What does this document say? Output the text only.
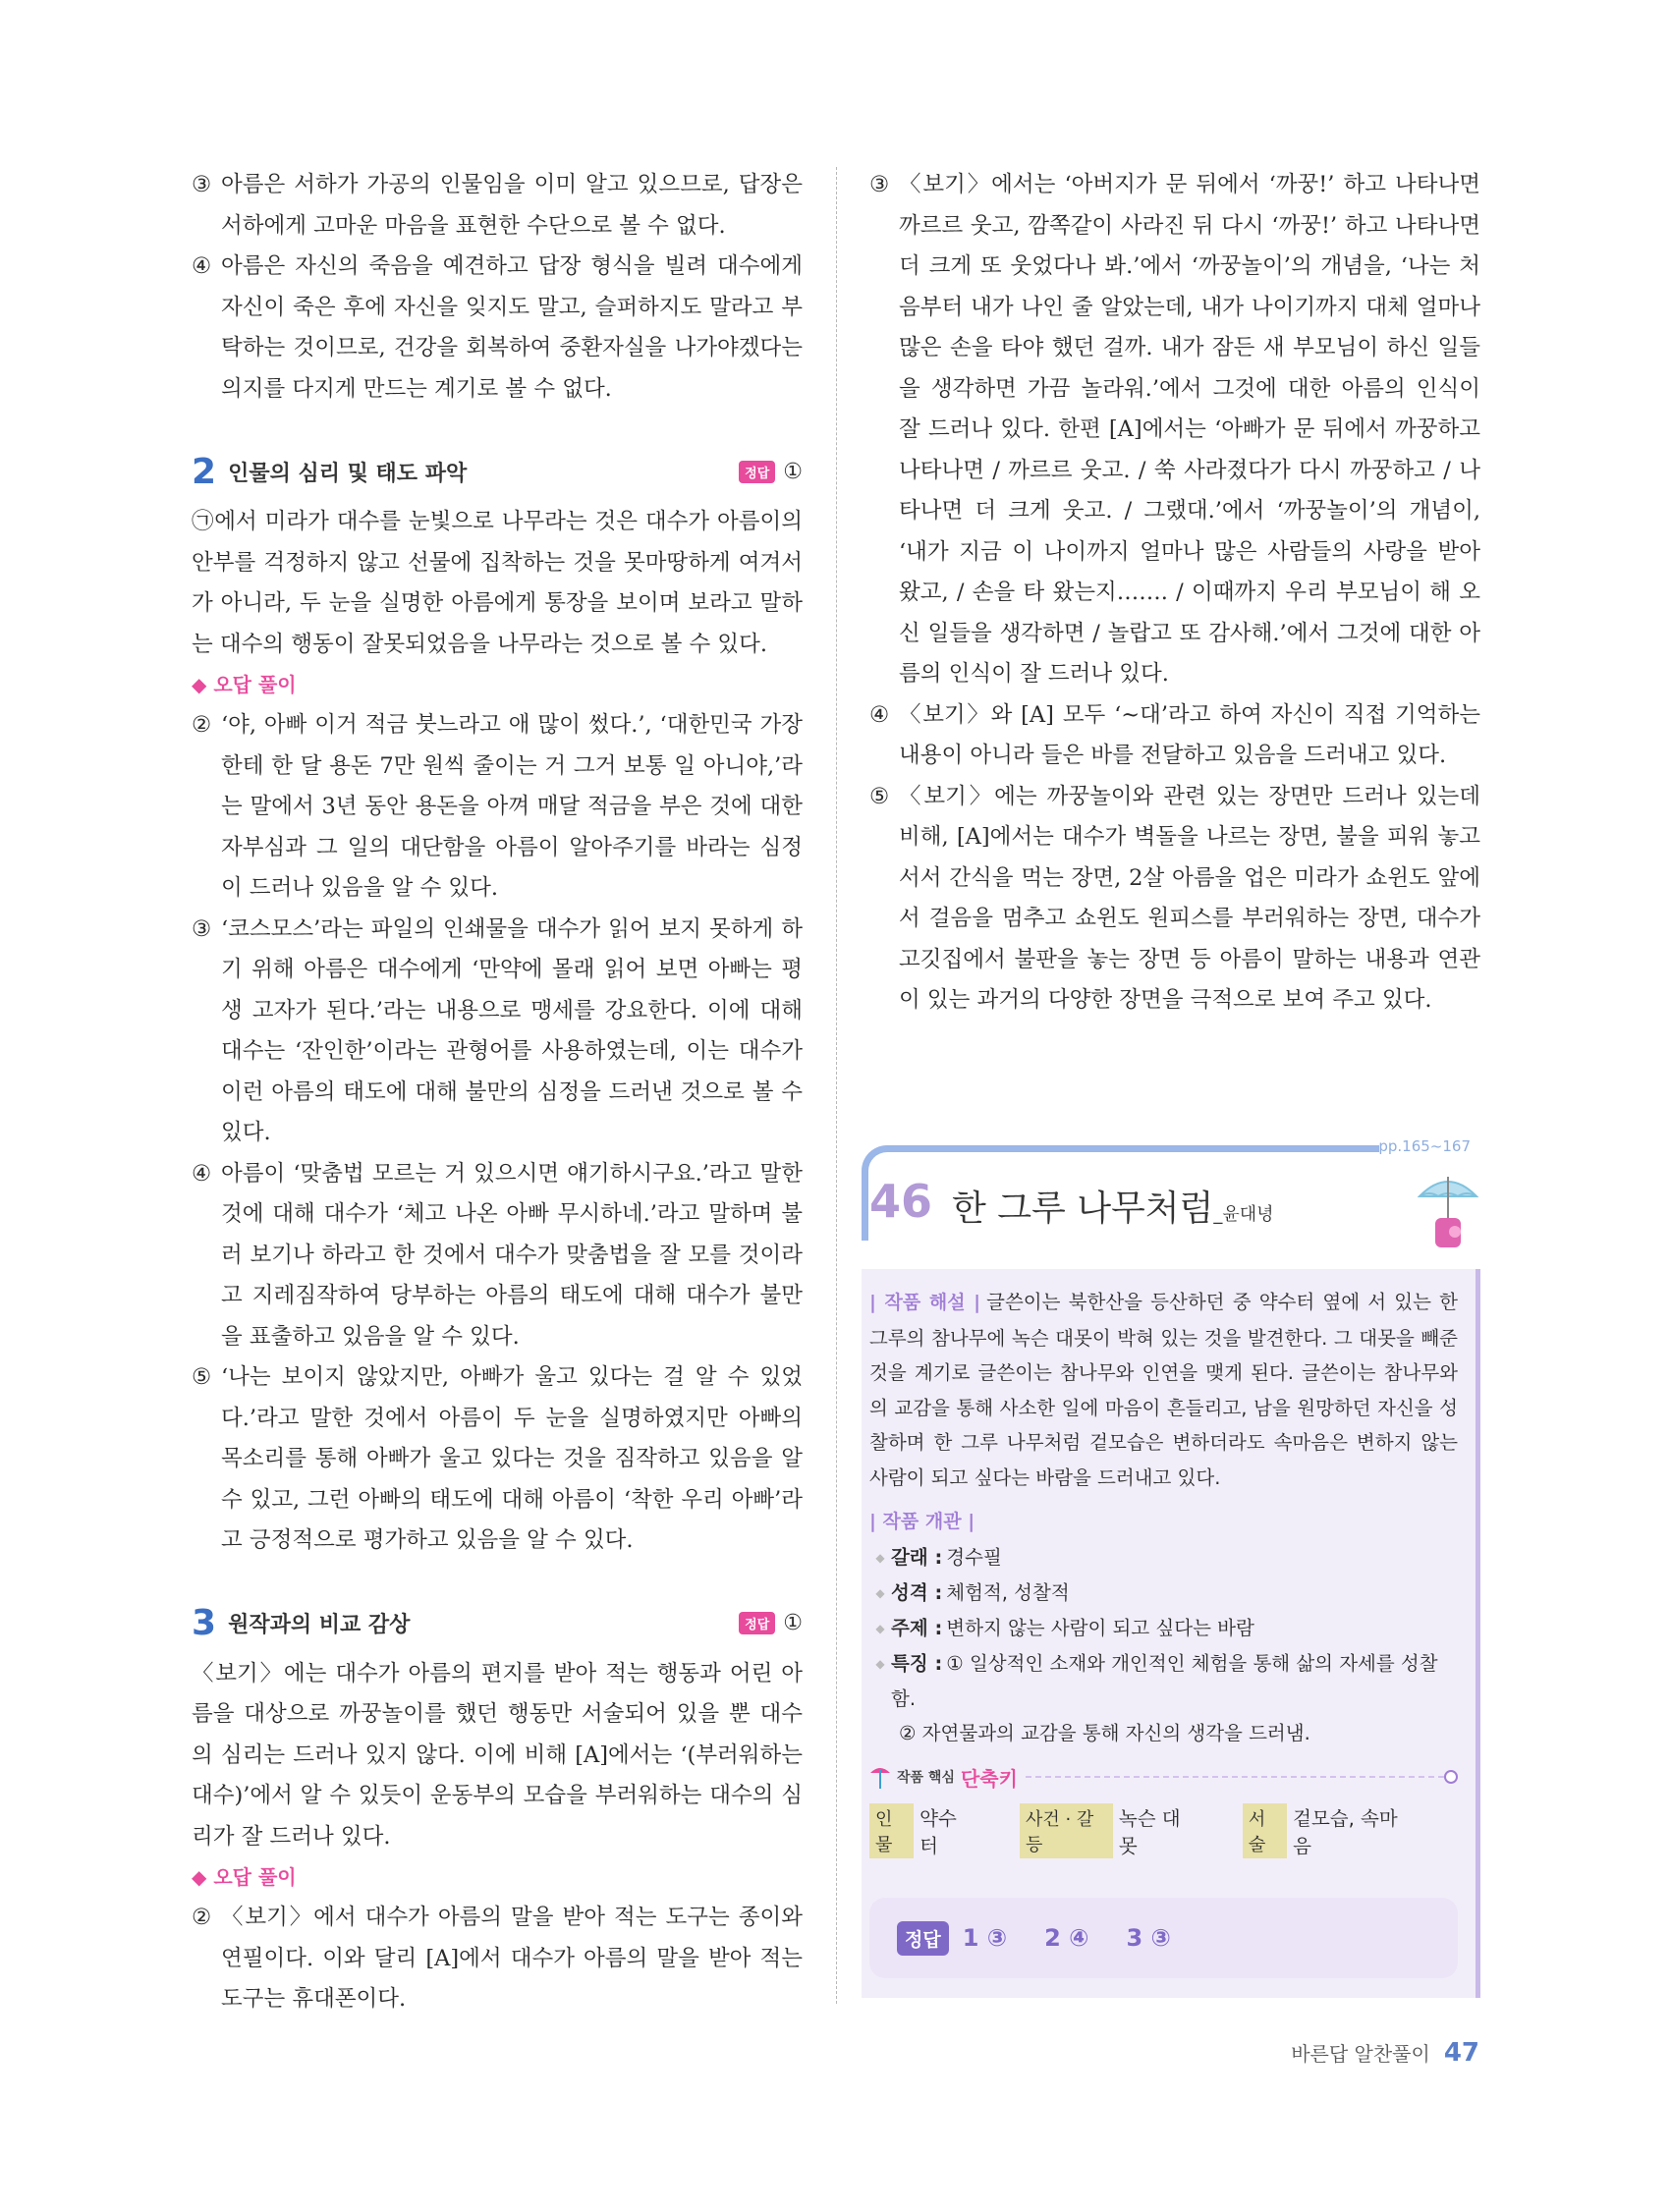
③ 아름은 서하가 가공의 인물임을 이미 알고 있으므로, 답장은 서하에게 고마운 마음을 표현한 수단으로 볼 수 없다.
④ 아름은 자신의 죽음을 예견하고 답장 형식을 빌려 대수에게 자신이 죽은 후에 자신을 잊지도 말고, 슬퍼하지도 말라고 부탁하는 것이므로, 건강을 회복하여 중환자실을 나가야겠다는 의지를 다지게 만드는 계기로 볼 수 없다.
2 인물의 심리 및 태도 파악	정답 ①

㉠에서 미라가 대수를 눈빛으로 나무라는 것은 대수가 아름이의 안부를 걱정하지 않고 선물에 집착하는 것을 못마땅하게 여겨서가 아니라, 두 눈을 실명한 아름에게 통장을 보이며 보라고 말하는 대수의 행동이 잘못되었음을 나무라는 것으로 볼 수 있다.

◆ 오답 풀이
② ‘야, 아빠 이거 적금 붓느라고 애 많이 썼다.’, ‘대한민국 가장한테 한 달 용돈 7만 원씩 줄이는 거 그거 보통 일 아니야,’라는 말에서 3년 동안 용돈을 아껴 매달 적금을 부은 것에 대한 자부심과 그 일의 대단함을 아름이 알아주기를 바라는 심정이 드러나 있음을 알 수 있다.
③ ‘코스모스’라는 파일의 인쇄물을 대수가 읽어 보지 못하게 하기 위해 아름은 대수에게 ‘만약에 몰래 읽어 보면 아빠는 평생 고자가 된다.’라는 내용으로 맹세를 강요한다. 이에 대해 대수는 ‘잔인한’이라는 관형어를 사용하였는데, 이는 대수가 이런 아름의 태도에 대해 불만의 심정을 드러낸 것으로 볼 수 있다.
④ 아름이 ‘맞춤법 모르는 거 있으시면 얘기하시구요.’라고 말한 것에 대해 대수가 ‘체고 나온 아빠 무시하네.’라고 말하며 불러 보기나 하라고 한 것에서 대수가 맞춤법을 잘 모를 것이라고 지레짐작하여 당부하는 아름의 태도에 대해 대수가 불만을 표출하고 있음을 알 수 있다.
⑤ ‘나는 보이지 않았지만, 아빠가 울고 있다는 걸 알 수 있었다.’라고 말한 것에서 아름이 두 눈을 실명하였지만 아빠의 목소리를 통해 아빠가 울고 있다는 것을 짐작하고 있음을 알 수 있고, 그런 아빠의 태도에 대해 아름이 ‘착한 우리 아빠’라고 긍정적으로 평가하고 있음을 알 수 있다.
3 원작과의 비교 감상	정답 ①

〈보기〉에는 대수가 아름의 편지를 받아 적는 행동과 어린 아름을 대상으로 까꿍놀이를 했던 행동만 서술되어 있을 뿐 대수의 심리는 드러나 있지 않다. 이에 비해 [A]에서는 ‘(부러워하는 대수)’에서 알 수 있듯이 운동부의 모습을 부러워하는 대수의 심리가 잘 드러나 있다.

◆ 오답 풀이
② 〈보기〉에서 대수가 아름의 말을 받아 적는 도구는 종이와 연필이다. 이와 달리 [A]에서 대수가 아름의 말을 받아 적는 도구는 휴대폰이다.
③ 〈보기〉에서는 ‘아버지가 문 뒤에서 ‘까꿍!’ 하고 나타나면 까르르 웃고, 깜쪽같이 사라진 뒤 다시 ‘까꿍!’ 하고 나타나면 더 크게 또 웃었다나 봐.’에서 ‘까꿍놀이’의 개념을, ‘나는 처음부터 내가 나인 줄 알았는데, 내가 나이기까지 대체 얼마나 많은 손을 타야 했던 걸까. 내가 잠든 새 부모님이 하신 일들을 생각하면 가끔 놀라워.’에서 그것에 대한 아름의 인식이 잘 드러나 있다. 한편 [A]에서는 ‘아빠가 문 뒤에서 까꿍하고 나타나면 / 까르르 웃고. / 쑥 사라졌다가 다시 까꿍하고 / 나타나면 더 크게 웃고. / 그랬대.’에서 ‘까꿍놀이’의 개념이, ‘내가 지금 이 나이까지 얼마나 많은 사람들의 사랑을 받아 왔고, / 손을 타 왔는지……. / 이때까지 우리 부모님이 해 오신 일들을 생각하면 / 놀랍고 또 감사해.’에서 그것에 대한 아름의 인식이 잘 드러나 있다.
④ 〈보기〉와 [A] 모두 ‘~대’라고 하여 자신이 직접 기억하는 내용이 아니라 들은 바를 전달하고 있음을 드러내고 있다.
⑤ 〈보기〉에는 까꿍놀이와 관련 있는 장면만 드러나 있는데 비해, [A]에서는 대수가 벽돌을 나르는 장면, 불을 피워 놓고 서서 간식을 먹는 장면, 2살 아름을 업은 미라가 쇼윈도 앞에서 걸음을 멈추고 쇼윈도 원피스를 부러워하는 장면, 대수가 고깃집에서 불판을 놓는 장면 등 아름이 말하는 내용과 연관이 있는 과거의 다양한 장면을 극적으로 보여 주고 있다.
pp.165~167
46 한 그루 나무처럼_윤대녕

| 작품 해설 | 글쓴이는 북한산을 등산하던 중 약수터 옆에 서 있는 한 그루의 참나무에 녹슨 대못이 박혀 있는 것을 발견한다. 그 대못을 빼준 것을 계기로 글쓴이는 참나무와 인연을 맺게 된다. 글쓴이는 참나무와의 교감을 통해 사소한 일에 마음이 흔들리고, 남을 원망하던 자신을 성찰하며 한 그루 나무처럼 겉모습은 변하더라도 속마음은 변하지 않는 사람이 되고 싶다는 바람을 드러내고 있다.

| 작품 개관 |
◆ 갈래 : 경수필
◆ 성격 : 체험적, 성찰적
◆ 주제 : 변하지 않는 사람이 되고 싶다는 바람
◆ 특징 : ① 일상적인 소재와 개인적인 체험을 통해 삶의 자세를 성찰
함.
② 자연물과의 교감을 통해 자신의 생각을 드러냄.
작품 핵심 단축키
인물
약수터
사건 · 갈등
녹슨 대못
서술
겉모습, 속마음
정답 1 ③ 2 ④ 3 ③
바른답 알찬풀이 47
